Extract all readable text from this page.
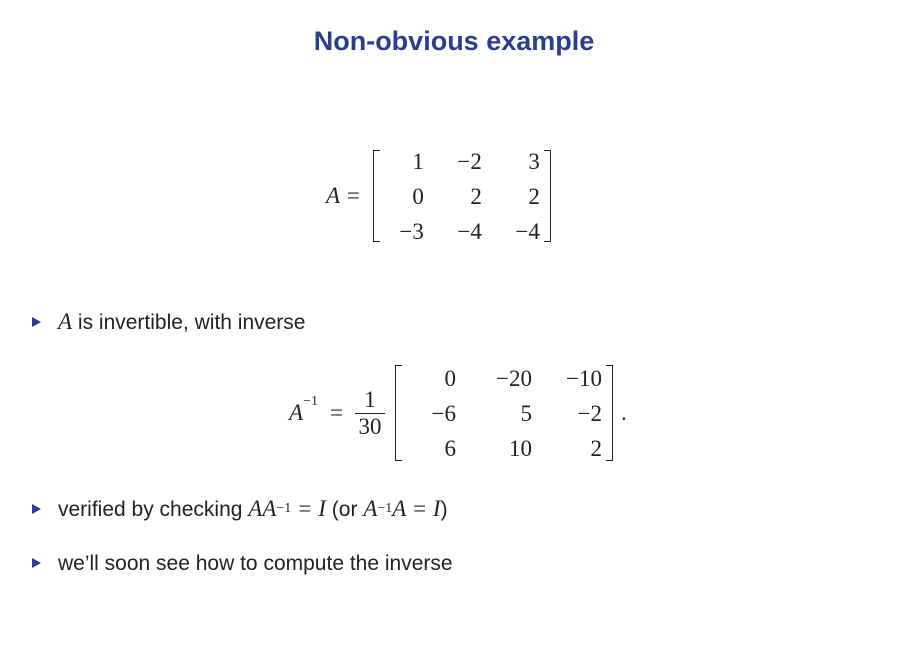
Non-obvious example
A =
1	−2	3
0	2	2
−3	−4	−4
A is invertible, with inverse
$A^{-1} = \frac{1}{30}$
0	−20	−10
−6	5	−2
6	10	2
.
verified by checking $AA^{-1} = I$ (or $A^{-1}$ A = I )
we’ll soon see how to compute the inverse
